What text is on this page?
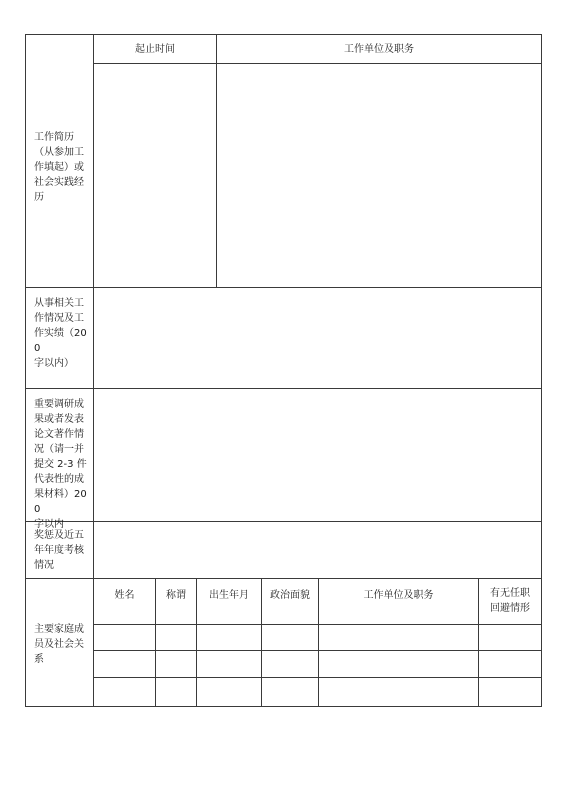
起止时间	工作单位及职务
工作简历
（从参加工
作填起）或
社会实践经
历
从事相关工
作情况及工
作实绩（200
字以内）
重要调研成
果或者发表
论文著作情
况（请一并
提交 2-3 件
代表性的成
果材料）200
字以内
奖惩及近五
年年度考核
情况
姓名	称谓	出生年月	政治面貌	工作单位及职务	有无任职
回避情形
主要家庭成
员及社会关
系
